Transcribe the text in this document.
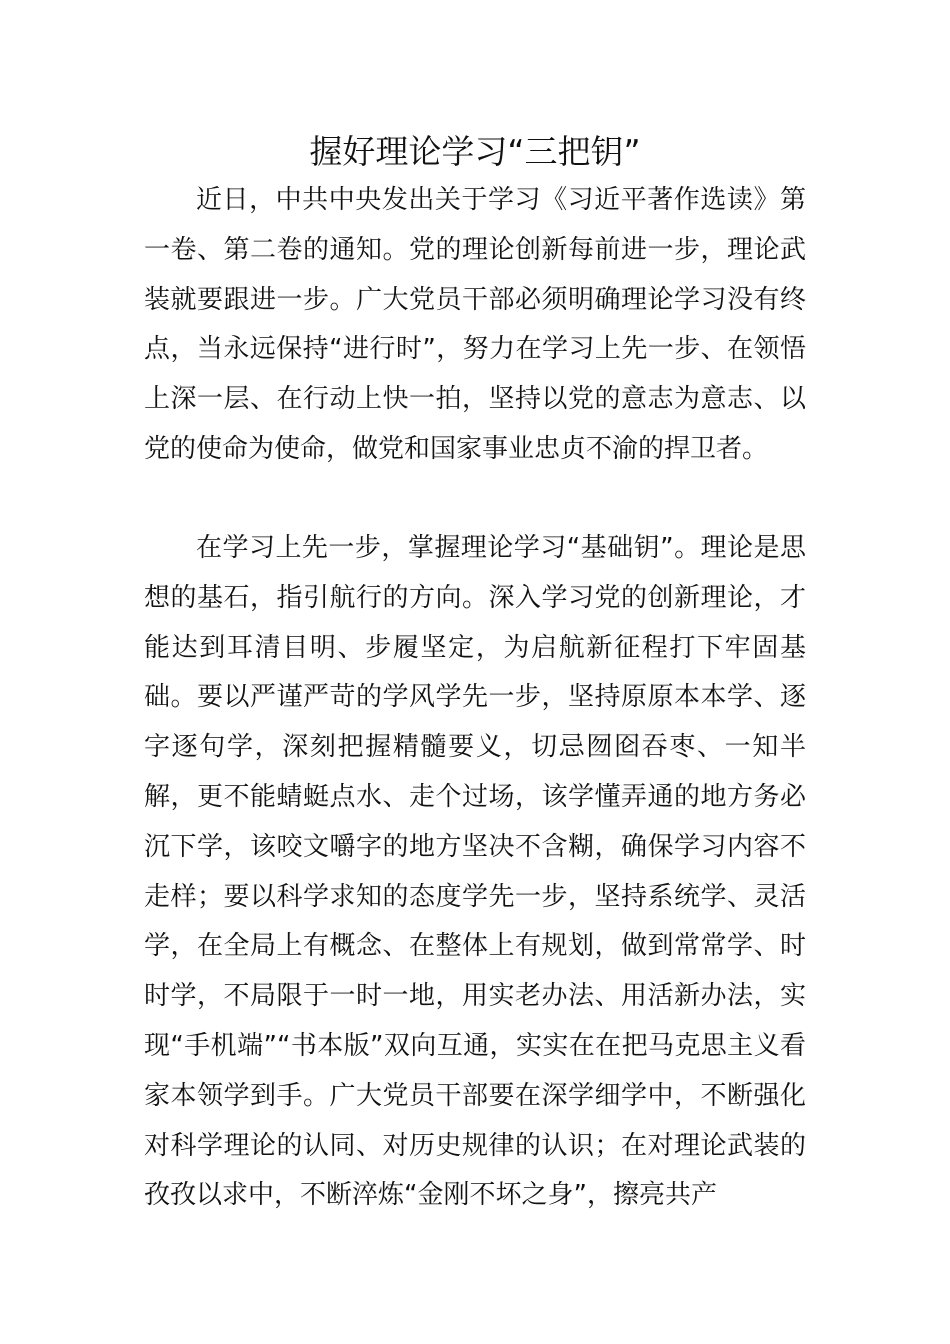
握好理论学习“三把钥”

近日，中共中央发出关于学习《习近平著作选读》第一卷、第二卷的通知。党的理论创新每前进一步，理论武装就要跟进一步。广大党员干部必须明确理论学习没有终点，当永远保持“进行时”，努力在学习上先一步、在领悟上深一层、在行动上快一拍，坚持以党的意志为意志、以党的使命为使命，做党和国家事业忠贞不渝的捍卫者。

在学习上先一步，掌握理论学习“基础钥”。理论是思想的基石，指引航行的方向。深入学习党的创新理论，才能达到耳清目明、步履坚定，为启航新征程打下牢固基础。要以严谨严苛的学风学先一步，坚持原原本本学、逐字逐句学，深刻把握精髓要义，切忌囫囵吞枣、一知半解，更不能蜻蜓点水、走个过场，该学懂弄通的地方务必沉下学，该咬文嚼字的地方坚决不含糊，确保学习内容不走样；要以科学求知的态度学先一步，坚持系统学、灵活学，在全局上有概念、在整体上有规划，做到常常学、时时学，不局限于一时一地，用实老办法、用活新办法，实现“手机端”“书本版”双向互通，实实在在把马克思主义看家本领学到手。广大党员干部要在深学细学中，不断强化对科学理论的认同、对历史规律的认识；在对理论武装的孜孜以求中，不断淬炼“金刚不坏之身”，擦亮共产
